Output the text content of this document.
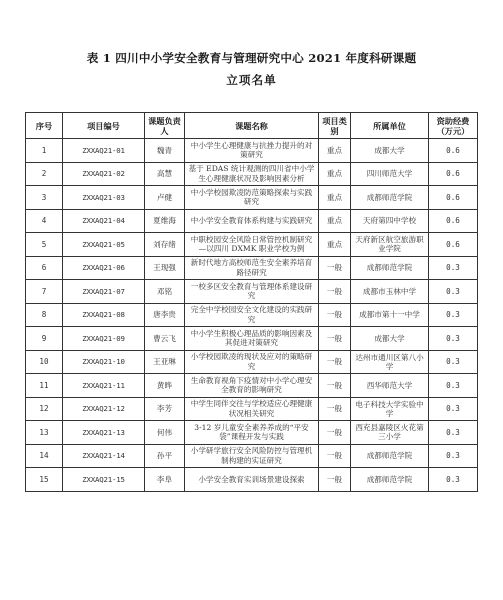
表 1 四川中小学安全教育与管理研究中心 2021 年度科研课题
立项名单
序号	项目编号	课题负责人	课题名称	项目类别	所属单位	资助经费（万元）
1	ZXXAQ21-01	魏青	中小学生心理健康与抗挫力提升的对策研究	重点	成都大学	0.6
2	ZXXAQ21-02	高慧	基于 EDAS 统计观测的四川省中小学生心理健康状况及影响因素分析	重点	四川师范大学	0.6
3	ZXXAQ21-03	卢健	中小学校园欺凌防范策略探索与实践研究	重点	成都师范学院	0.6
4	ZXXAQ21-04	夏维海	中小学安全教育体系构建与实践研究	重点	天府第四中学校	0.6
5	ZXXAQ21-05	刘存绪	中职校园安全风险日常管控机制研究—以四川 DXMK 职业学校为例	重点	天府新区航空旅游职业学院	0.6
6	ZXXAQ21-06	王现强	新时代地方高校师范生安全素养培育路径研究	一般	成都师范学院	0.3
7	ZXXAQ21-07	邓铭	一校多区安全教育与管理体系建设研究	一般	成都市玉林中学	0.3
8	ZXXAQ21-08	唐李贵	完全中学校园安全文化建设的实践研究	一般	成都市第十一中学	0.3
9	ZXXAQ21-09	曹云飞	中小学生积极心理品质的影响因素及其促进对策研究	一般	成都大学	0.3
10	ZXXAQ21-10	王亚琳	小学校园欺凌的现状及应对的策略研究	一般	达州市通川区第八小学	0.3
11	ZXXAQ21-11	黄晔	生命教育视角下疫情对中小学心理安全教育的影响研究	一般	西华师范大学	0.3
12	ZXXAQ21-12	李芳	中学生同伴交往与学校适应心理健康状况相关研究	一般	电子科技大学实验中学	0.3
13	ZXXAQ21-13	何伟	3-12 岁儿童安全素养养成的“平安袋”课程开发与实践	一般	西充县嘉陵区火花第三小学	0.3
14	ZXXAQ21-14	孙平	小学研学旅行安全风险防控与管理机制构建的实证研究	一般	成都师范学院	0.3
15	ZXXAQ21-15	李阜	小学安全教育实训场景建设探索	一般	成都师范学院	0.3
